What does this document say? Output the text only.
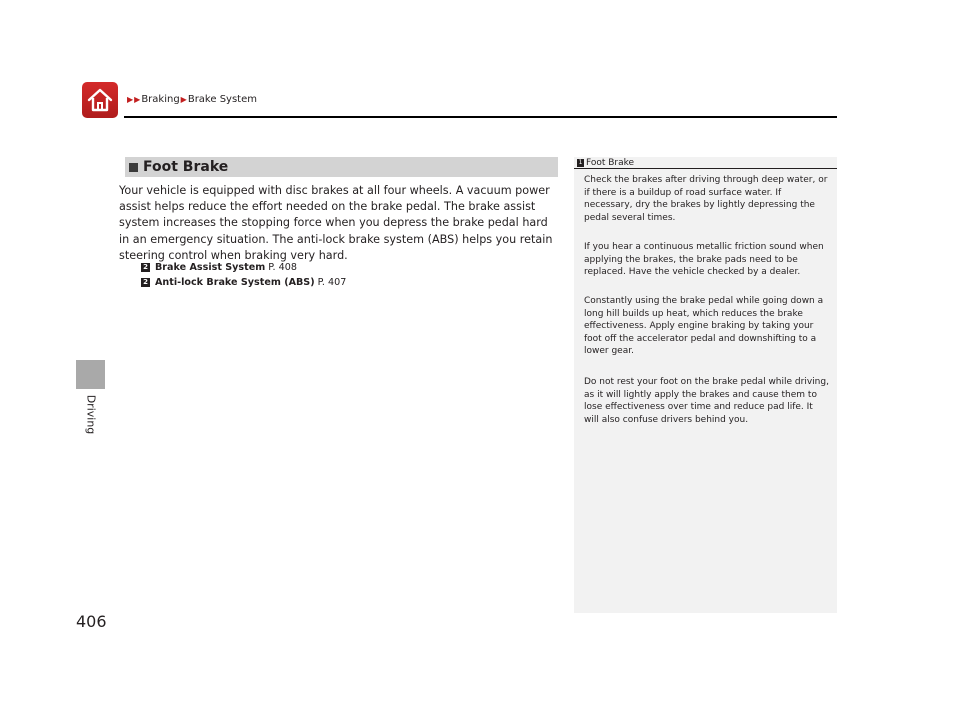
▶ ▶ Braking ▶ Brake System
Driving
Foot Brake
Your vehicle is equipped with disc brakes at all four wheels. A vacuum power assist helps reduce the effort needed on the brake pedal. The brake assist system increases the stopping force when you depress the brake pedal hard in an emergency situation. The anti-lock brake system (ABS) helps you retain steering control when braking very hard.
2 Brake Assist System P. 408
2 Anti-lock Brake System (ABS) P. 407
1 Foot Brake
Check the brakes after driving through deep water, or if there is a buildup of road surface water. If necessary, dry the brakes by lightly depressing the pedal several times.
If you hear a continuous metallic friction sound when applying the brakes, the brake pads need to be replaced. Have the vehicle checked by a dealer.
Constantly using the brake pedal while going down a long hill builds up heat, which reduces the brake effectiveness. Apply engine braking by taking your foot off the accelerator pedal and downshifting to a lower gear.
Do not rest your foot on the brake pedal while driving, as it will lightly apply the brakes and cause them to lose effectiveness over time and reduce pad life. It will also confuse drivers behind you.
406
